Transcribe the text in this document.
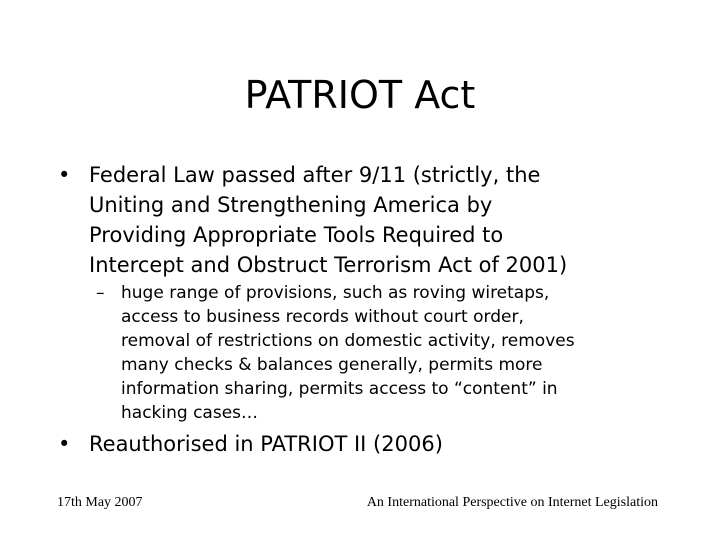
PATRIOT Act
• Federal Law passed after 9/11 (strictly, the
Uniting and Strengthening America by
Providing Appropriate Tools Required to
Intercept and Obstruct Terrorism Act of 2001)
– huge range of provisions, such as roving wiretaps,
access to business records without court order,
removal of restrictions on domestic activity, removes
many checks & balances generally, permits more
information sharing, permits access to “content” in
hacking cases…
• Reauthorised in PATRIOT II (2006)
17th May 2007	An International Perspective on Internet Legislation
